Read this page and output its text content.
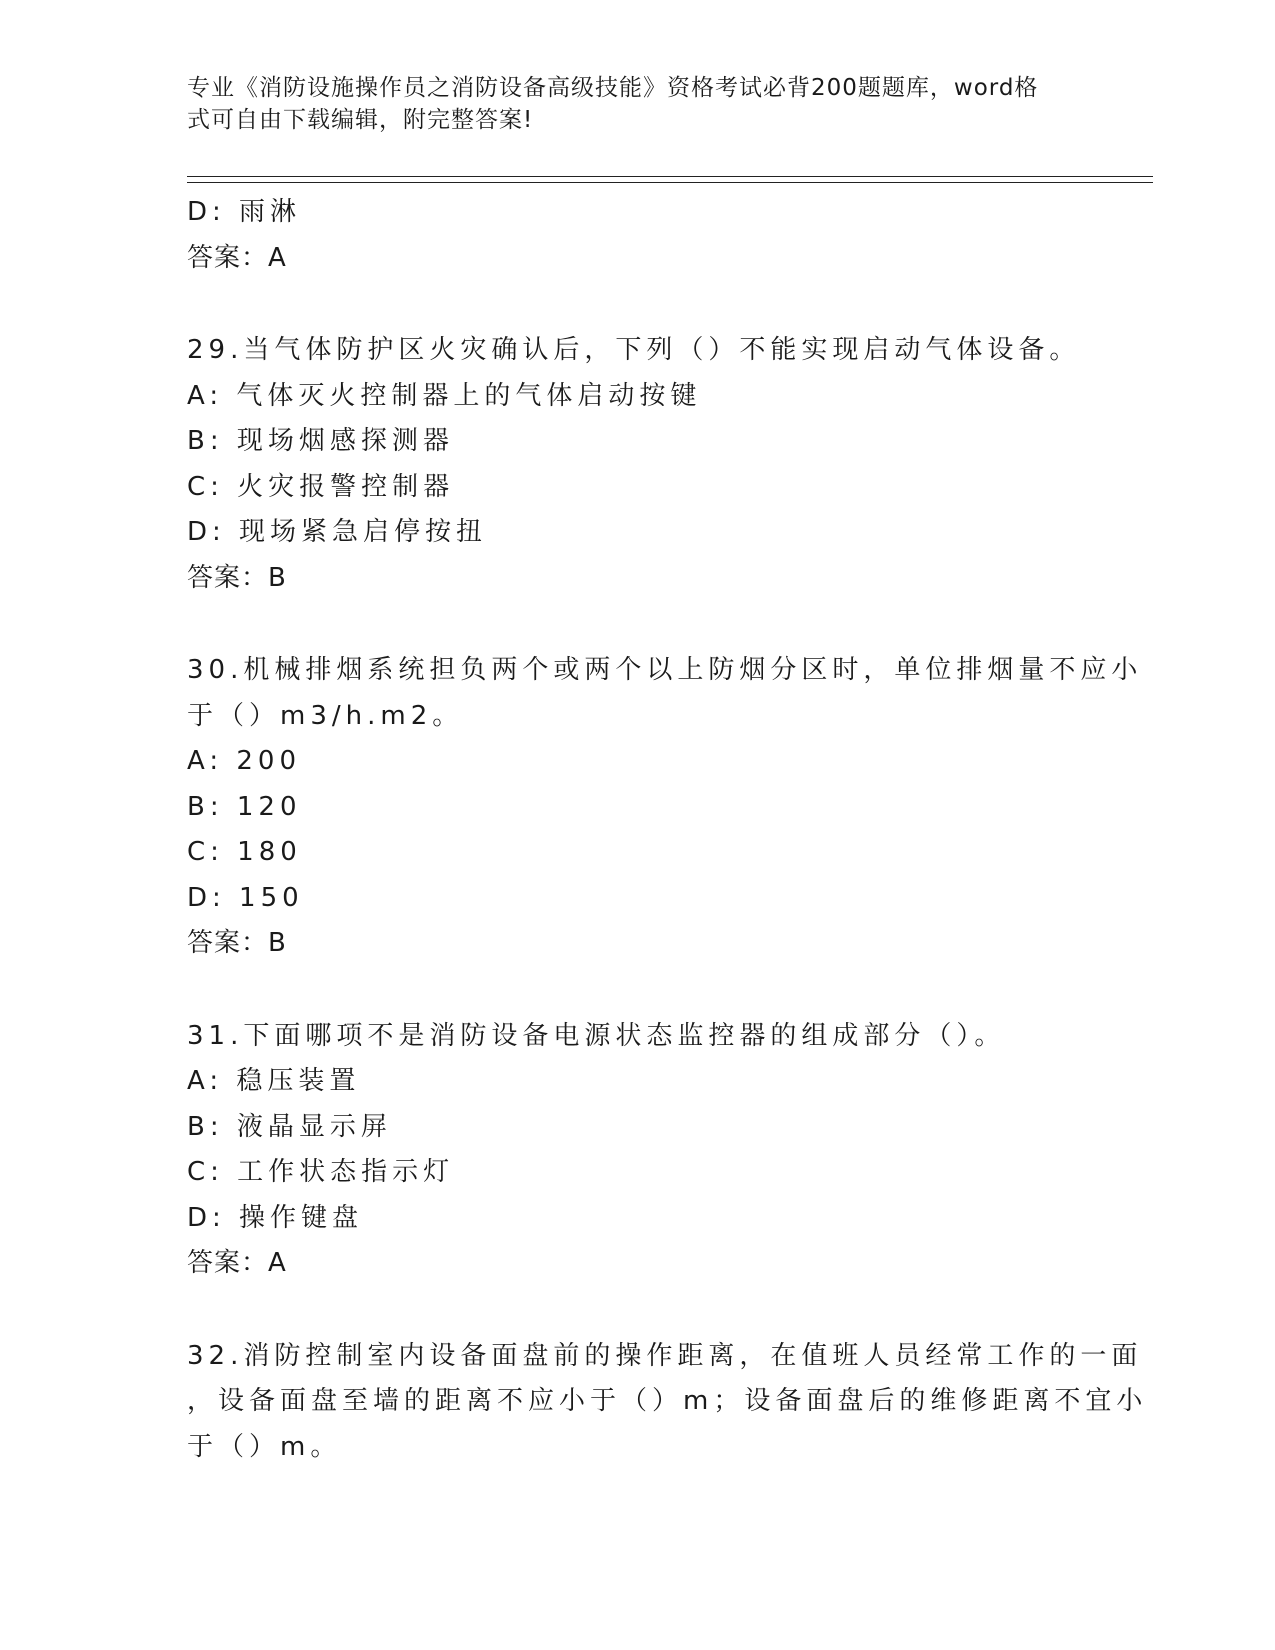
专业《消防设施操作员之消防设备高级技能》资格考试必背200题题库，word格
式可自由下载编辑，附完整答案!
D: 雨淋
答案：A
29.当气体防护区火灾确认后，下列（）不能实现启动气体设备。
A: 气体灭火控制器上的气体启动按键
B: 现场烟感探测器
C: 火灾报警控制器
D: 现场紧急启停按扭
答案：B
30.机械排烟系统担负两个或两个以上防烟分区时，单位排烟量不应小
于（）m3/h.m2。
A: 200
B: 120
C: 180
D: 150
答案：B
31.下面哪项不是消防设备电源状态监控器的组成部分（）。
A: 稳压装置
B: 液晶显示屏
C: 工作状态指示灯
D: 操作键盘
答案：A
32.消防控制室内设备面盘前的操作距离，在值班人员经常工作的一面
，设备面盘至墙的距离不应小于（）m；设备面盘后的维修距离不宜小
于（）m。
